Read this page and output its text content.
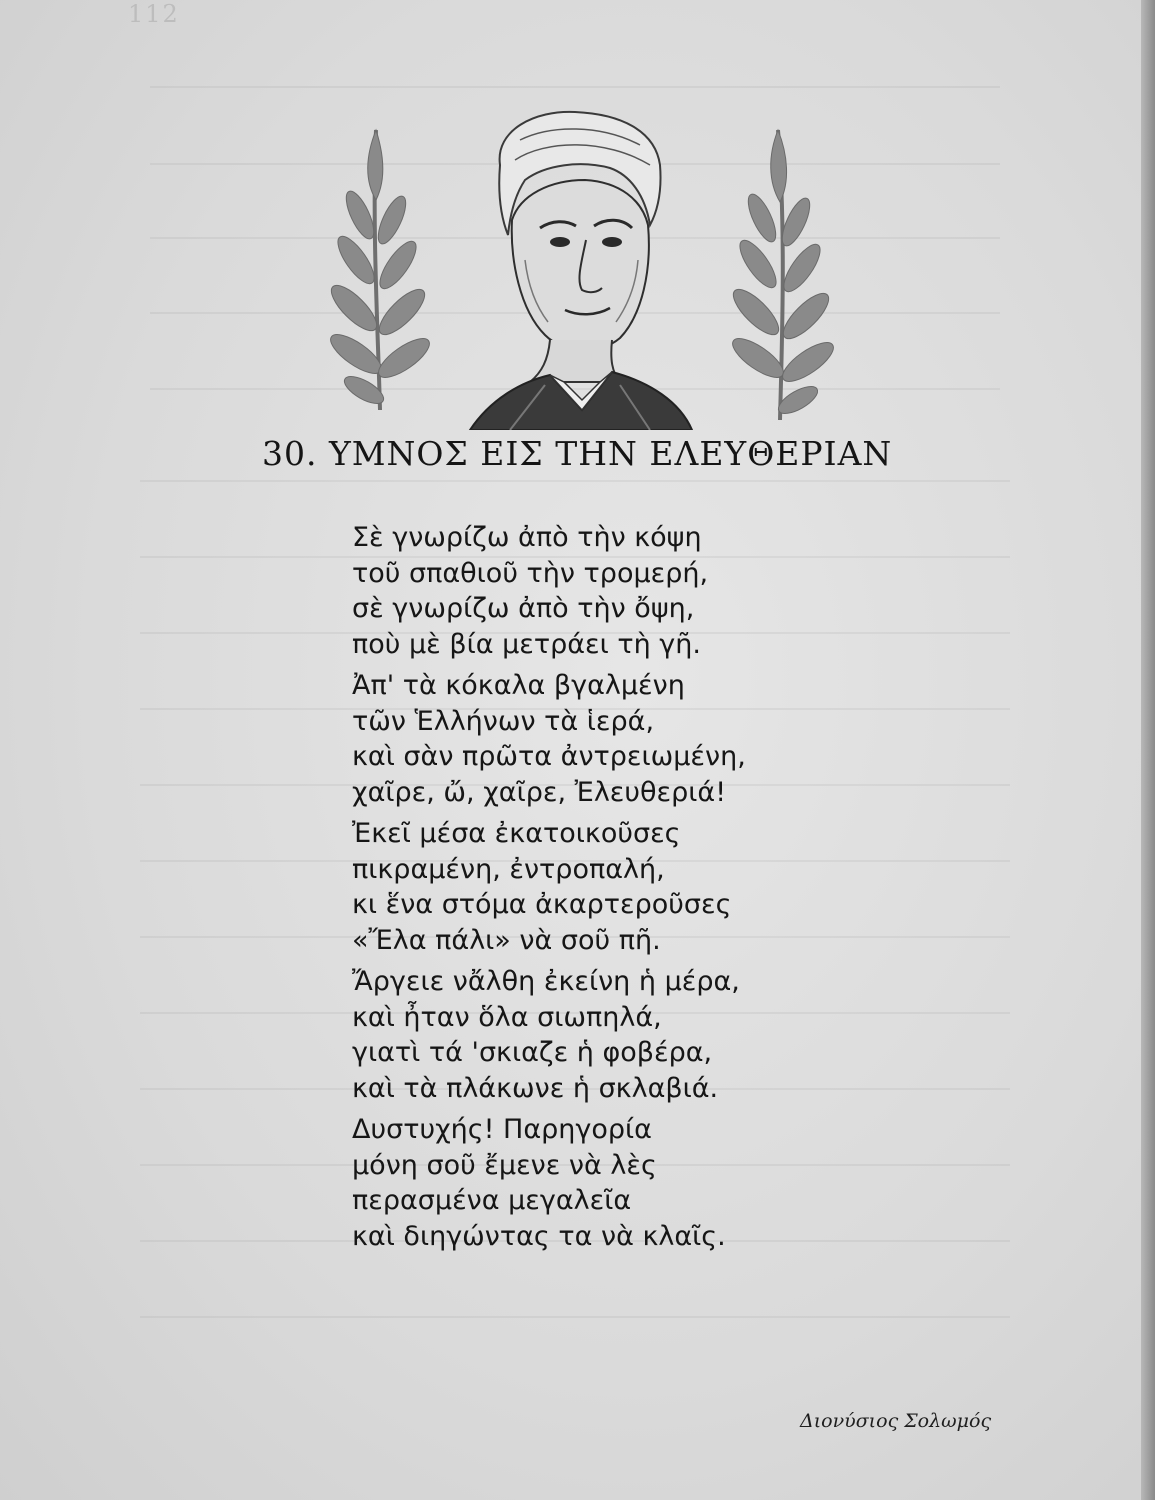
112
30. ΥΜΝΟΣ ΕΙΣ ΤΗΝ ΕΛΕΥΘΕΡΙΑΝ
Σὲ γνωρίζω ἀπὸ τὴν κόψη
τοῦ σπαθιοῦ τὴν τρομερή,
σὲ γνωρίζω ἀπὸ τὴν ὄψη,
ποὺ μὲ βία μετράει τὴ γῆ.
Ἀπ' τὰ κόκαλα βγαλμένη
τῶν Ἑλλήνων τὰ ἱερά,
καὶ σὰν πρῶτα ἀντρειωμένη,
χαῖρε, ὤ, χαῖρε, Ἐλευθεριά!
Ἐκεῖ μέσα ἐκατοικοῦσες
πικραμένη, ἐντροπαλή,
κι ἕνα στόμα ἀκαρτεροῦσες
«Ἔλα πάλι» νὰ σοῦ πῆ.
Ἄργειε νἄλθη ἐκείνη ἡ μέρα,
καὶ ἦταν ὅλα σιωπηλά,
γιατὶ τά 'σκιαζε ἡ φοβέρα,
καὶ τὰ πλάκωνε ἡ σκλαβιά.
Δυστυχής! Παρηγορία
μόνη σοῦ ἔμενε νὰ λὲς
περασμένα μεγαλεῖα
καὶ διηγώντας τα νὰ κλαῖς.
Διονύσιος Σολωμός
